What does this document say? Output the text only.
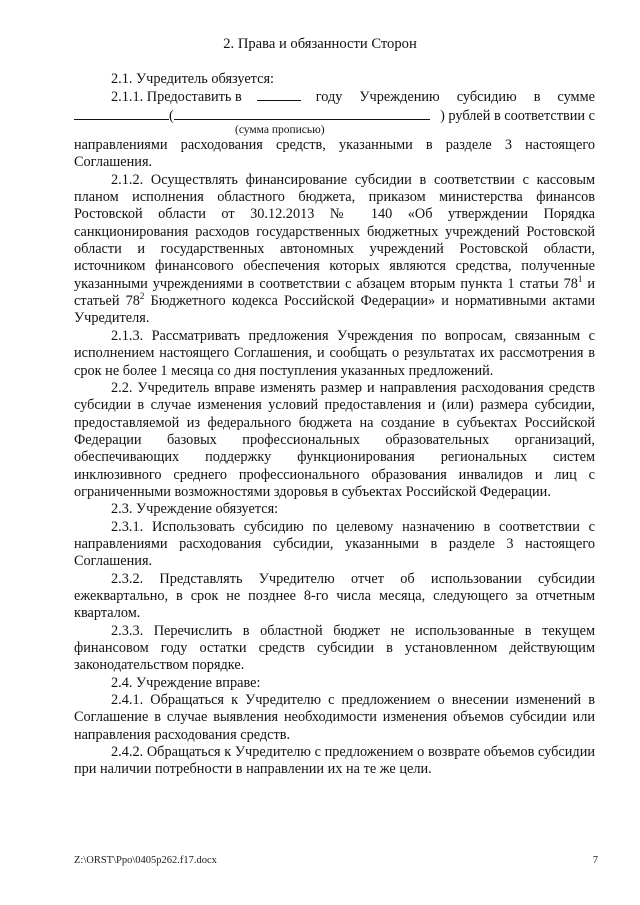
2. Права и обязанности Сторон

2.1. Учредитель обязуется:

2.1.1. Предоставить в	году Учреждению субсидию в сумме
(	) рублей в соответствии с
(сумма прописью)

направлениями расходования средств, указанными в разделе 3 настоящего Соглашения.

2.1.2. Осуществлять финансирование субсидии в соответствии с кассовым планом исполнения областного бюджета, приказом министерства финансов Ростовской области от 30.12.2013 № 140 «Об утверждении Порядка санкционирования расходов государственных бюджетных учреждений Ростовской области и государственных автономных учреждений Ростовской области, источником финансового обеспечения которых являются средства, полученные указанными учреждениями в соответствии с абзацем вторым пункта 1 статьи $78^1$ и статьей $78^2$ Бюджетного кодекса Российской Федерации» и нормативными актами Учредителя.

2.1.3. Рассматривать предложения Учреждения по вопросам, связанным с исполнением настоящего Соглашения, и сообщать о результатах их рассмотрения в срок не более 1 месяца со дня поступления указанных предложений.

2.2. Учредитель вправе изменять размер и направления расходования средств субсидии в случае изменения условий предоставления и (или) размера субсидии, предоставляемой из федерального бюджета на создание в субъектах Российской Федерации базовых профессиональных образовательных организаций, обеспечивающих поддержку функционирования региональных систем инклюзивного среднего профессионального образования инвалидов и лиц с ограниченными возможностями здоровья в субъектах Российской Федерации.

2.3. Учреждение обязуется:

2.3.1. Использовать субсидию по целевому назначению в соответствии с направлениями расходования субсидии, указанными в разделе 3 настоящего Соглашения.

2.3.2. Представлять Учредителю отчет об использовании субсидии ежеквартально, в срок не позднее 8-го числа месяца, следующего за отчетным кварталом.

2.3.3. Перечислить в областной бюджет не использованные в текущем финансовом году остатки средств субсидии в установленном действующим законодательством порядке.

2.4. Учреждение вправе:

2.4.1. Обращаться к Учредителю с предложением о внесении изменений в Соглашение в случае выявления необходимости изменения объемов субсидии или направления расходования средств.

2.4.2. Обращаться к Учредителю с предложением о возврате объемов субсидии при наличии потребности в направлении их на те же цели.

Z:\ORST\Ppo\0405p262.f17.docx	7
